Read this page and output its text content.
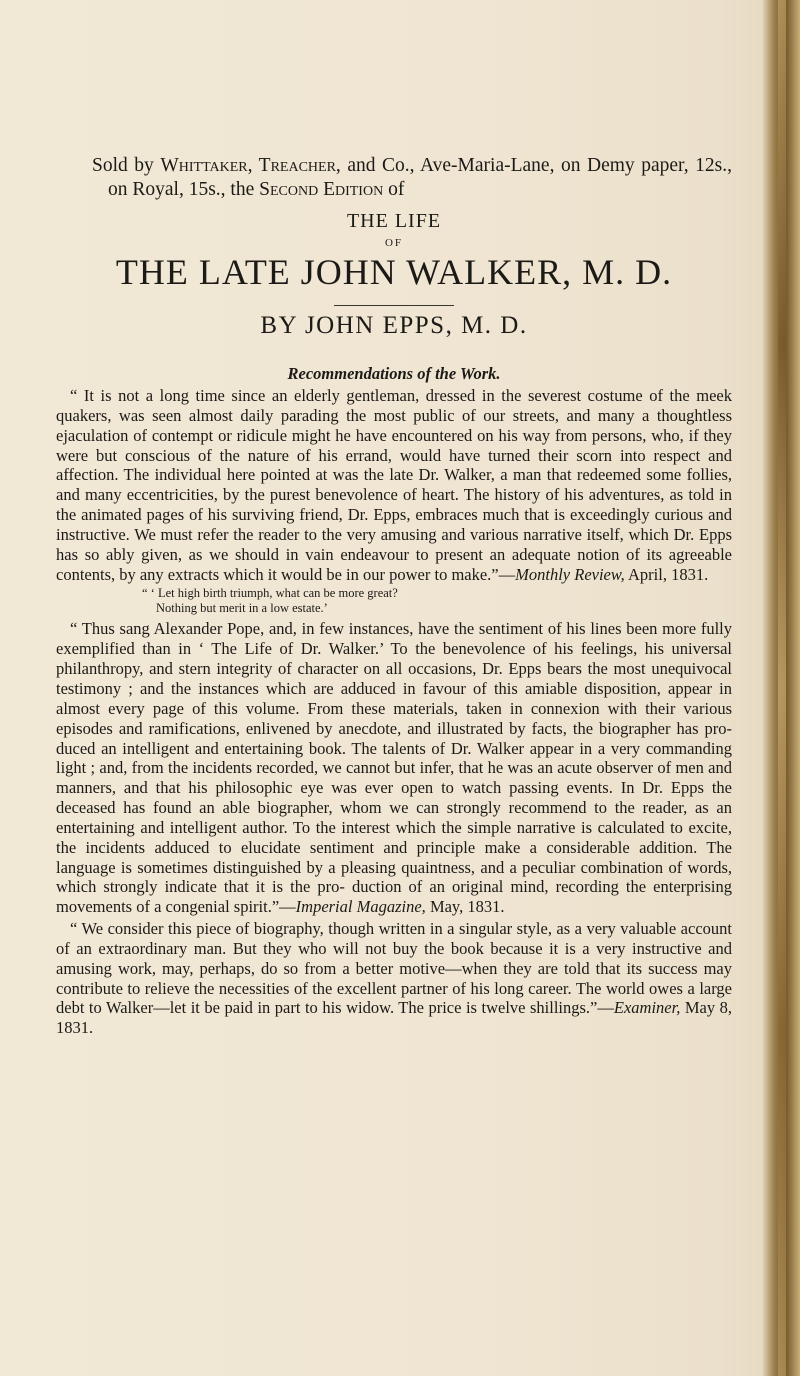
Sold by Whittaker, Treacher, and Co., Ave-Maria-Lane, on Demy paper, 12s., on Royal, 15s., the Second Edition of

THE LIFE
OF
THE LATE JOHN WALKER, M. D.
BY JOHN EPPS, M. D.
Recommendations of the Work.

“ It is not a long time since an elderly gentleman, dressed in the severest costume of the meek quakers, was seen almost daily parading the most public of our streets, and many a thoughtless ejaculation of contempt or ridicule might he have encountered on his way from persons, who, if they were but conscious of the nature of his errand, would have turned their scorn into respect and affection. The individual here pointed at was the late Dr. Walker, a man that redeemed some follies, and many eccentricities, by the purest benevolence of heart. The history of his adventures, as told in the animated pages of his surviving friend, Dr. Epps, embraces much that is exceedingly curious and instructive. We must refer the reader to the very amusing and various narrative itself, which Dr. Epps has so ably given, as we should in vain endeavour to present an adequate notion of its agreeable contents, by any extracts which it would be in our power to make.”—Monthly Review, April, 1831.

“ ‘ Let high birth triumph, what can be more great?
Nothing but merit in a low estate.’

“ Thus sang Alexander Pope, and, in few instances, have the sentiment of his lines been more fully exemplified than in ‘ The Life of Dr. Walker.’ To the benevolence of his feelings, his universal philanthropy, and stern integrity of character on all occasions, Dr. Epps bears the most unequivocal testimony ; and the instances which are adduced in favour of this amiable disposition, appear in almost every page of this volume. From these materials, taken in connexion with their various episodes and ramifications, enlivened by anecdote, and illustrated by facts, the biographer has pro- duced an intelligent and entertaining book. The talents of Dr. Walker appear in a very commanding light ; and, from the incidents recorded, we cannot but infer, that he was an acute observer of men and manners, and that his philosophic eye was ever open to watch passing events. In Dr. Epps the deceased has found an able biographer, whom we can strongly recommend to the reader, as an entertaining and intelligent author. To the interest which the simple narrative is calculated to excite, the incidents adduced to elucidate sentiment and principle make a considerable addition. The language is sometimes distinguished by a pleasing quaintness, and a peculiar combination of words, which strongly indicate that it is the pro- duction of an original mind, recording the enterprising movements of a congenial spirit.”—Imperial Magazine, May, 1831.

“ We consider this piece of biography, though written in a singular style, as a very valuable account of an extraordinary man. But they who will not buy the book because it is a very instructive and amusing work, may, perhaps, do so from a better motive—when they are told that its success may contribute to relieve the necessities of the excellent partner of his long career. The world owes a large debt to Walker—let it be paid in part to his widow. The price is twelve shillings.”—Examiner, May 8, 1831.
